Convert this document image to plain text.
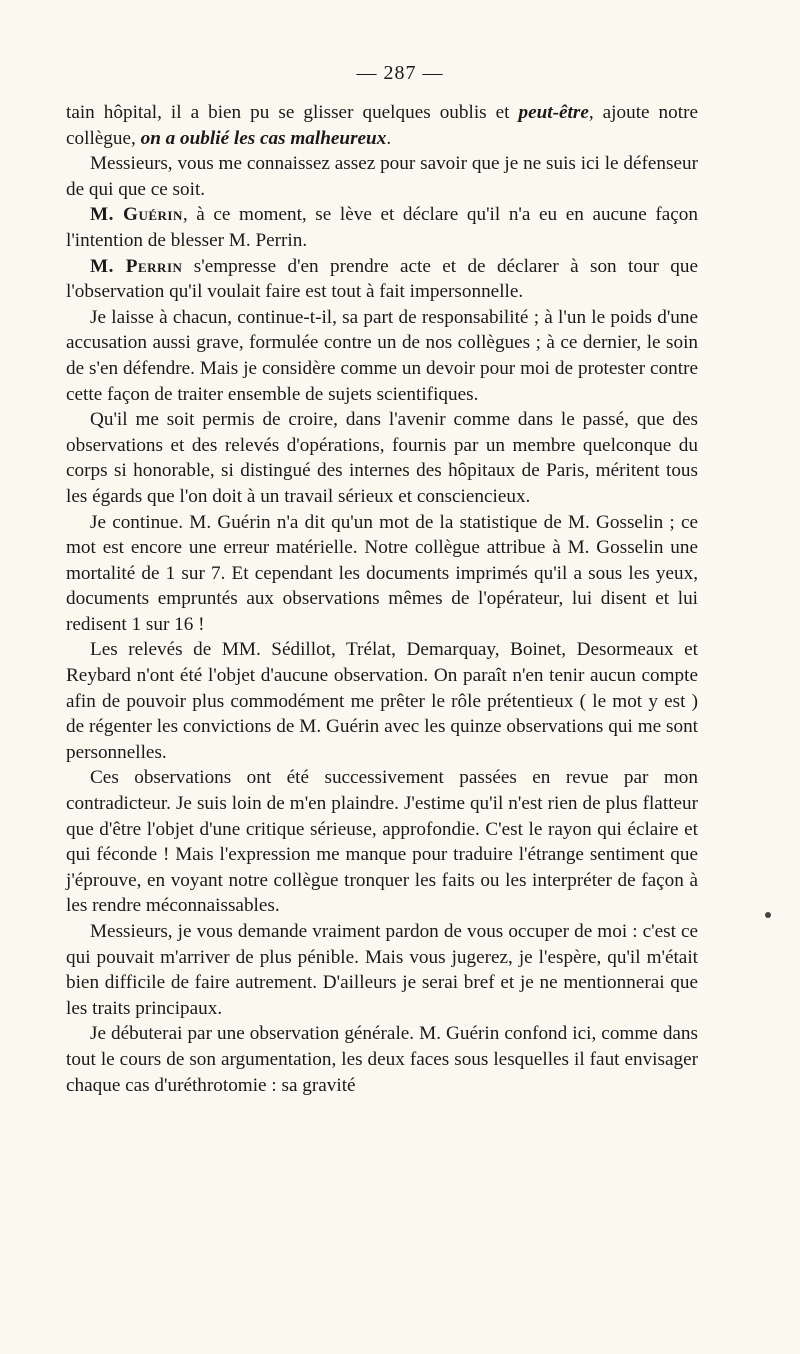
— 287 —

tain hôpital, il a bien pu se glisser quelques oublis et peut-être, ajoute notre collègue, on a oublié les cas malheureux.

Messieurs, vous me connaissez assez pour savoir que je ne suis ici le défenseur de qui que ce soit.

M. Guérin, à ce moment, se lève et déclare qu'il n'a eu en aucune façon l'intention de blesser M. Perrin.

M. Perrin s'empresse d'en prendre acte et de déclarer à son tour que l'observation qu'il voulait faire est tout à fait impersonnelle.

Je laisse à chacun, continue-t-il, sa part de responsabilité ; à l'un le poids d'une accusation aussi grave, formulée contre un de nos collègues ; à ce dernier, le soin de s'en défendre. Mais je considère comme un devoir pour moi de protester contre cette façon de traiter ensemble de sujets scientifiques.

Qu'il me soit permis de croire, dans l'avenir comme dans le passé, que des observations et des relevés d'opérations, fournis par un membre quelconque du corps si honorable, si distingué des internes des hôpitaux de Paris, méritent tous les égards que l'on doit à un travail sérieux et consciencieux.

Je continue. M. Guérin n'a dit qu'un mot de la statistique de M. Gosselin ; ce mot est encore une erreur matérielle. Notre collègue attribue à M. Gosselin une mortalité de 1 sur 7. Et cependant les documents imprimés qu'il a sous les yeux, documents empruntés aux observations mêmes de l'opérateur, lui disent et lui redisent 1 sur 16 !

Les relevés de MM. Sédillot, Trélat, Demarquay, Boinet, Desormeaux et Reybard n'ont été l'objet d'aucune observation. On paraît n'en tenir aucun compte afin de pouvoir plus commodément me prêter le rôle prétentieux ( le mot y est ) de régenter les convictions de M. Guérin avec les quinze observations qui me sont personnelles.

Ces observations ont été successivement passées en revue par mon contradicteur. Je suis loin de m'en plaindre. J'estime qu'il n'est rien de plus flatteur que d'être l'objet d'une critique sérieuse, approfondie. C'est le rayon qui éclaire et qui féconde ! Mais l'expression me manque pour traduire l'étrange sentiment que j'éprouve, en voyant notre collègue tronquer les faits ou les interpréter de façon à les rendre méconnaissables.

Messieurs, je vous demande vraiment pardon de vous occuper de moi : c'est ce qui pouvait m'arriver de plus pénible. Mais vous jugerez, je l'espère, qu'il m'était bien difficile de faire autrement. D'ailleurs je serai bref et je ne mentionnerai que les traits principaux.

Je débuterai par une observation générale. M. Guérin confond ici, comme dans tout le cours de son argumentation, les deux faces sous lesquelles il faut envisager chaque cas d'uréthrotomie : sa gravité
